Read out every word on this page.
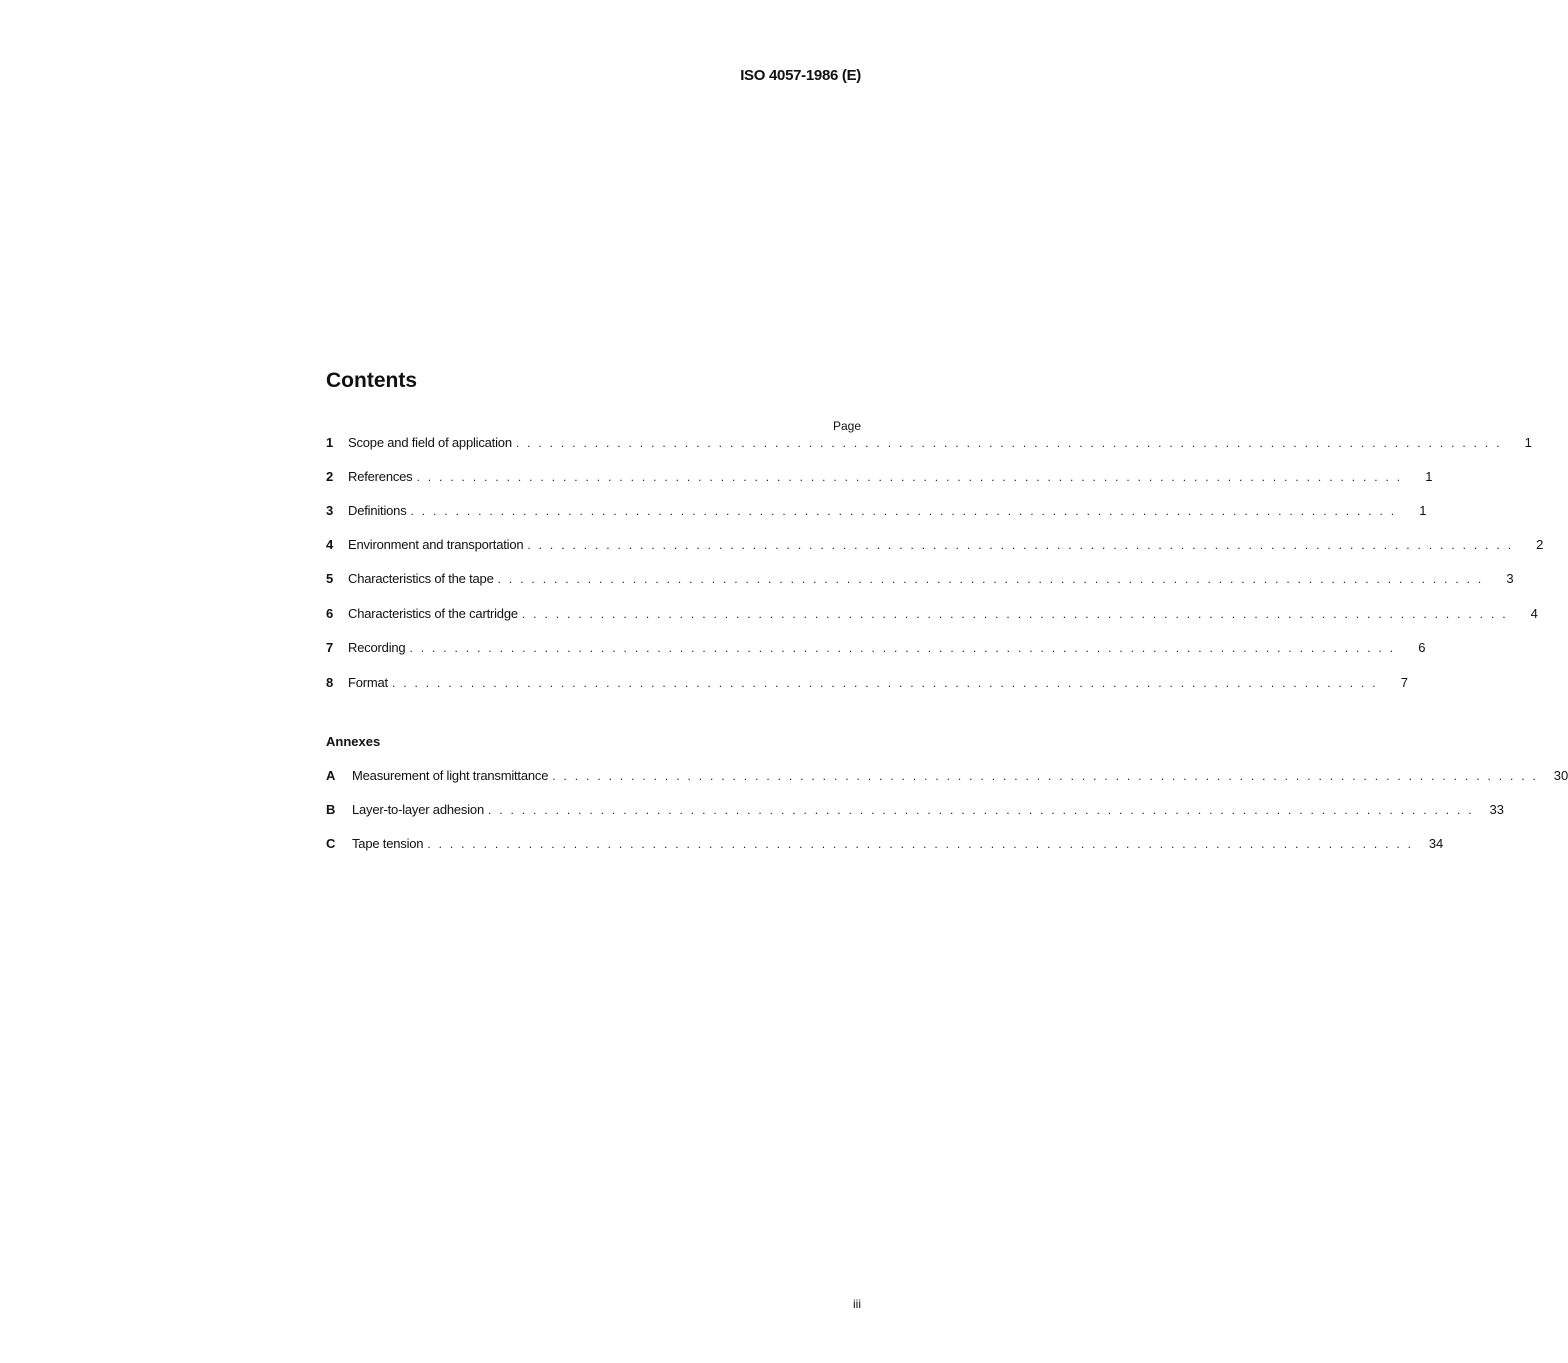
ISO 4057-1986 (E)
Contents
Page
1	Scope and field of application . . . . . . . . . . . . . . . . . . . . . . . . . . . . . . . . . . . . . . . . . . . . . . . . . . . . . . . . . . . . . . . . . . . . . . . . . . . . . . . . . . . . . . . .	1
2	References . . . . . . . . . . . . . . . . . . . . . . . . . . . . . . . . . . . . . . . . . . . . . . . . . . . . . . . . . . . . . . . . . . . . . . . . . . . . . . . . . . . . . . . .	1
3	Definitions . . . . . . . . . . . . . . . . . . . . . . . . . . . . . . . . . . . . . . . . . . . . . . . . . . . . . . . . . . . . . . . . . . . . . . . . . . . . . . . . . . . . . . . .	1
4	Environment and transportation . . . . . . . . . . . . . . . . . . . . . . . . . . . . . . . . . . . . . . . . . . . . . . . . . . . . . . . . . . . . . . . . . . . . . . . . . . . . . . . . . . . . . . . .	2
5	Characteristics of the tape . . . . . . . . . . . . . . . . . . . . . . . . . . . . . . . . . . . . . . . . . . . . . . . . . . . . . . . . . . . . . . . . . . . . . . . . . . . . . . . . . . . . . . . .	3
6	Characteristics of the cartridge . . . . . . . . . . . . . . . . . . . . . . . . . . . . . . . . . . . . . . . . . . . . . . . . . . . . . . . . . . . . . . . . . . . . . . . . . . . . . . . . . . . . . . . .	4
7	Recording . . . . . . . . . . . . . . . . . . . . . . . . . . . . . . . . . . . . . . . . . . . . . . . . . . . . . . . . . . . . . . . . . . . . . . . . . . . . . . . . . . . . . . . .	6
8	Format . . . . . . . . . . . . . . . . . . . . . . . . . . . . . . . . . . . . . . . . . . . . . . . . . . . . . . . . . . . . . . . . . . . . . . . . . . . . . . . . . . . . . . . .	7
Annexes
A	Measurement of light transmittance . . . . . . . . . . . . . . . . . . . . . . . . . . . . . . . . . . . . . . . . . . . . . . . . . . . . . . . . . . . . . . . . . . . . . . . . . . . . . . . . . . . . . . . .	30
B	Layer-to-layer adhesion . . . . . . . . . . . . . . . . . . . . . . . . . . . . . . . . . . . . . . . . . . . . . . . . . . . . . . . . . . . . . . . . . . . . . . . . . . . . . . . . . . . . . . . .	33
C	Tape tension . . . . . . . . . . . . . . . . . . . . . . . . . . . . . . . . . . . . . . . . . . . . . . . . . . . . . . . . . . . . . . . . . . . . . . . . . . . . . . . . . . . . . . . .	34
iii
